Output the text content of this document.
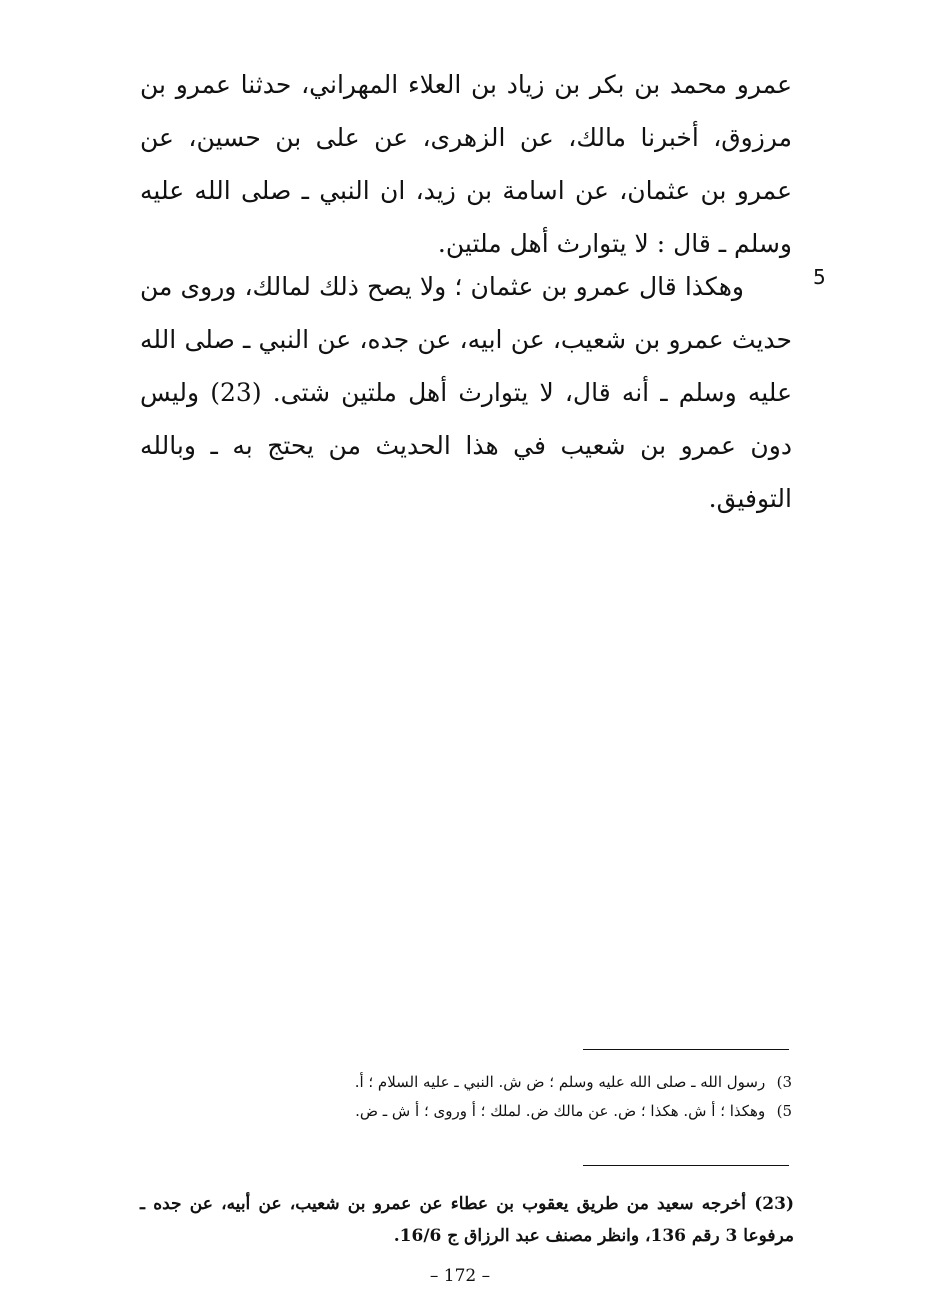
عمرو محمد بن بكر بن زياد بن العلاء المهراني، حدثنا عمرو بن مرزوق، أخبرنا مالك، عن الزهرى، عن على بن حسين، عن عمرو بن عثمان، عن اسامة بن زيد، ان النبي ـ صلى الله عليه وسلم ـ قال : لا يتوارث أهل ملتين.

5

وهكذا قال عمرو بن عثمان ؛ ولا يصح ذلك لمالك، وروى من حديث عمرو بن شعيب، عن ابيه، عن جده، عن النبي ـ صلى الله عليه وسلم ـ أنه قال، لا يتوارث أهل ملتين شتى. (23) وليس دون عمرو بن شعيب في هذا الحديث من يحتج به ـ وبالله التوفيق.

3) رسول الله ـ صلى الله عليه وسلم ؛ ض ش. النبي ـ عليه السلام ؛ أ.
5) وهكذا ؛ أ ش. هكذا ؛ ض. عن مالك ض. لملك ؛ أ وروى ؛ أ ش ـ ض.

(23) أخرجه سعيد من طريق يعقوب بن عطاء عن عمرو بن شعيب، عن أبيه، عن جده ـ مرفوعا 3 رقم 136، وانظر مصنف عبد الرزاق ج 16/6.

– 172 –
